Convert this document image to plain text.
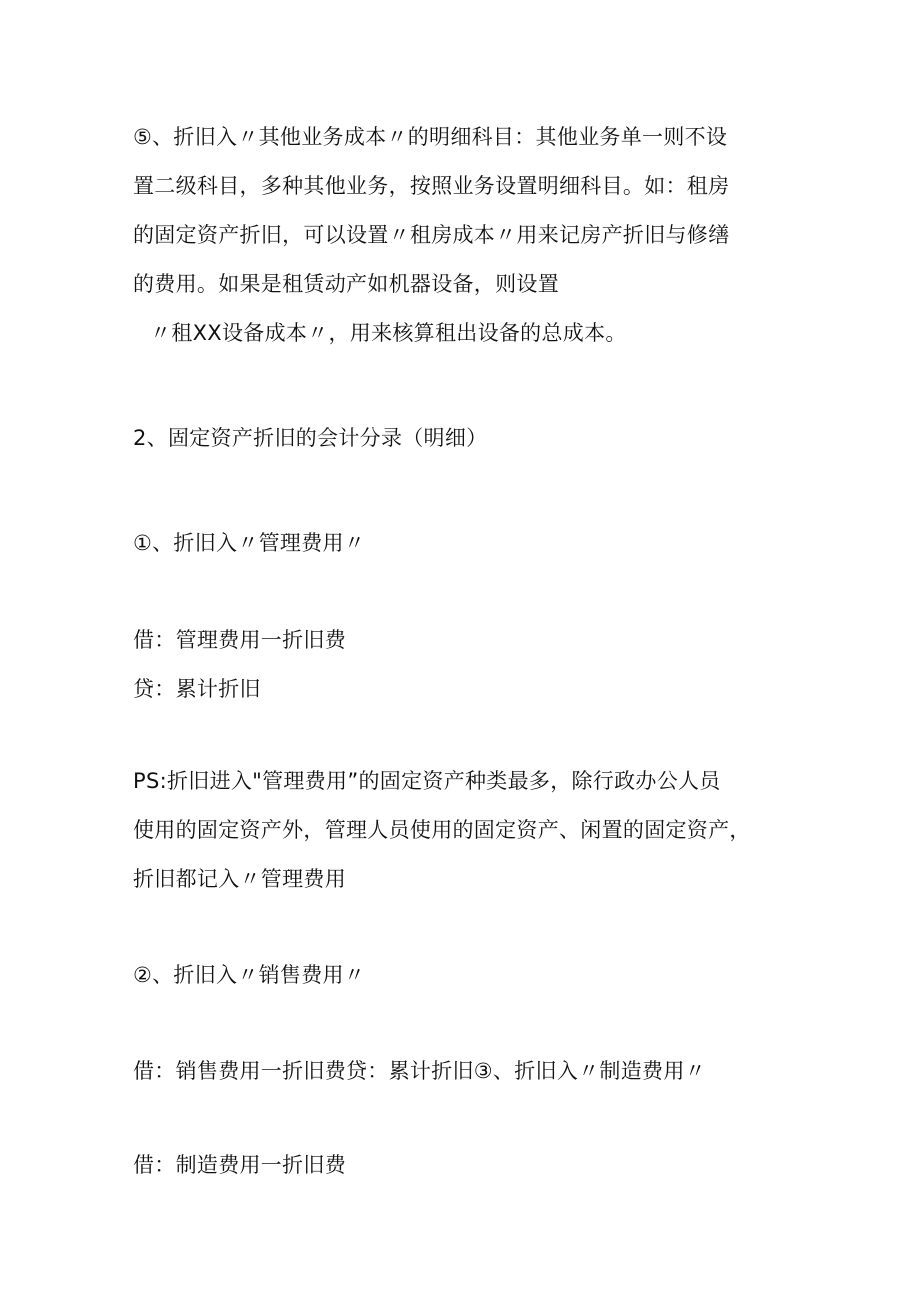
⑤、折旧入〃其他业务成本〃的明细科目：其他业务单一则不设
置二级科目，多种其他业务，按照业务设置明细科目。如：租房
的固定资产折旧，可以设置〃租房成本〃用来记房产折旧与修缮
的费用。如果是租赁动产如机器设备，则设置
〃租XX设备成本〃，用来核算租出设备的总成本。
2、固定资产折旧的会计分录（明细）
①、折旧入〃管理费用〃
借：管理费用一折旧费
贷：累计折旧
PS:折旧进入"管理费用”的固定资产种类最多，除行政办公人员
使用的固定资产外，管理人员使用的固定资产、闲置的固定资产，
折旧都记入〃管理费用
②、折旧入〃销售费用〃
借：销售费用一折旧费贷：累计折旧③、折旧入〃制造费用〃
借：制造费用一折旧费
